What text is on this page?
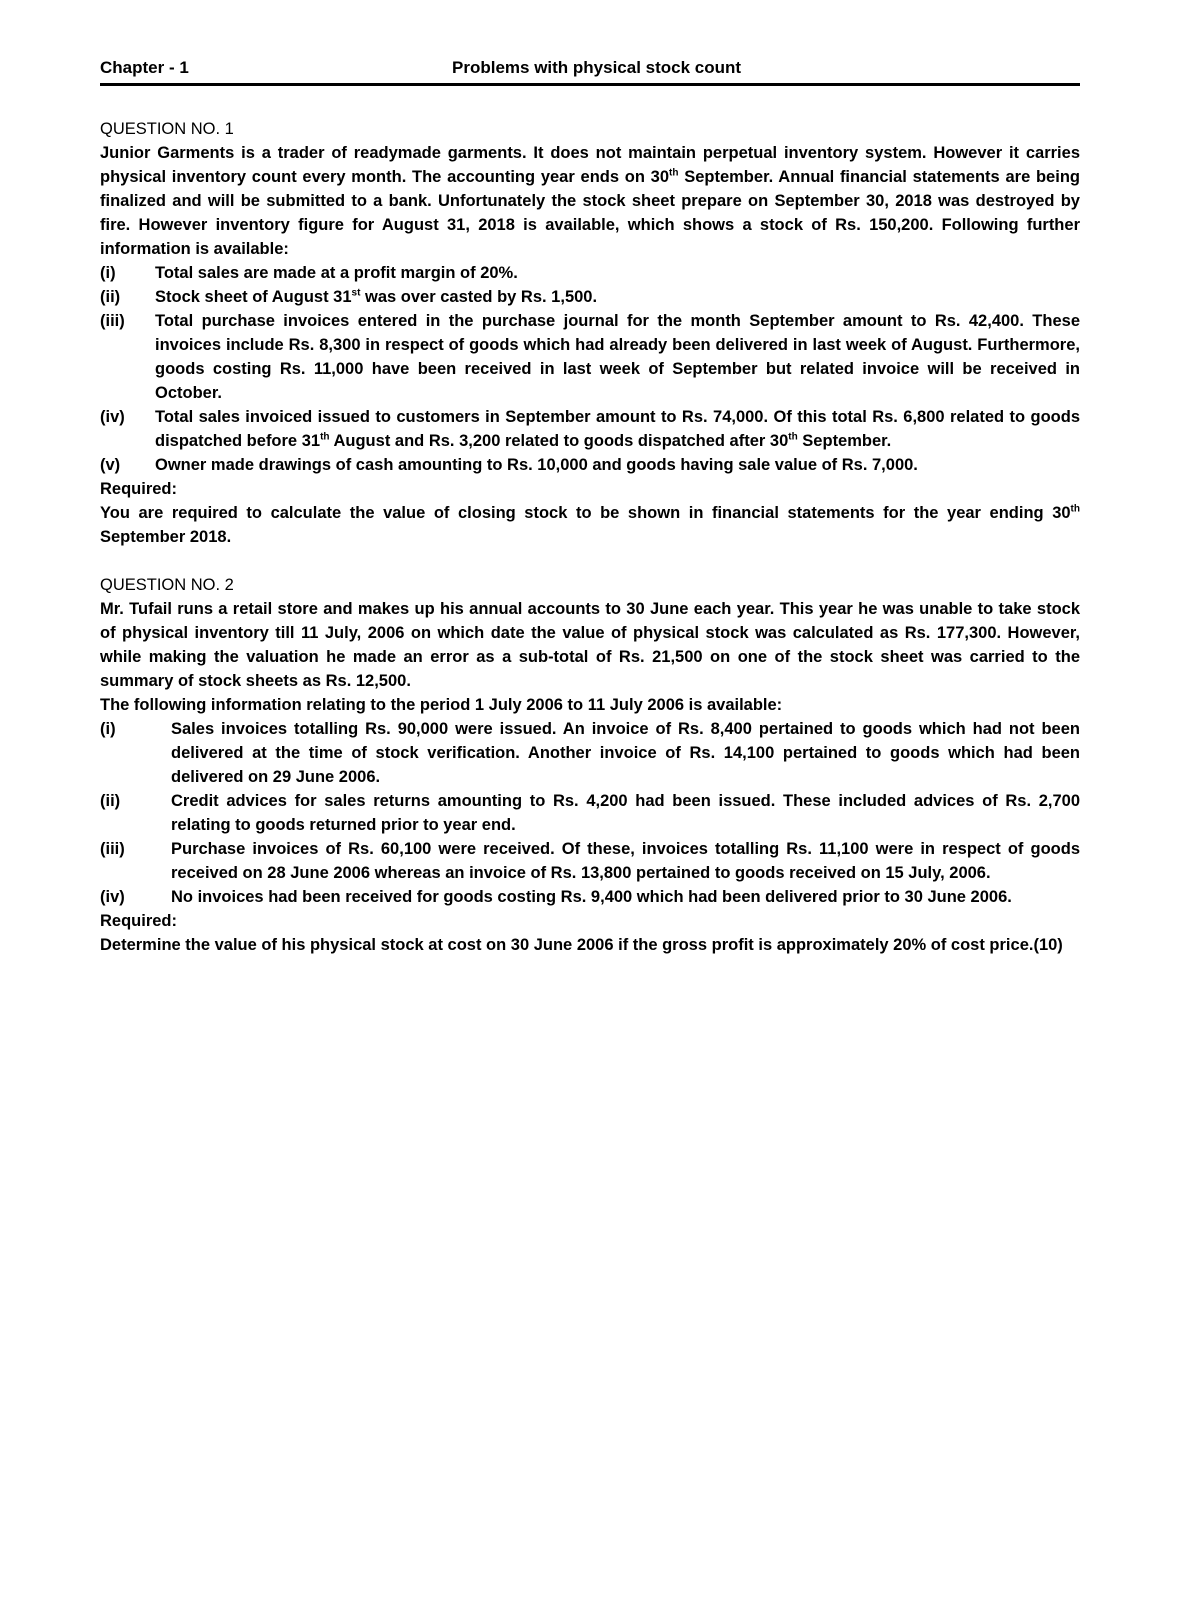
Chapter - 1	Problems with physical stock count
QUESTION NO. 1

Junior Garments is a trader of readymade garments. It does not maintain perpetual inventory system. However it carries physical inventory count every month. The accounting year ends on 30th September. Annual financial statements are being finalized and will be submitted to a bank. Unfortunately the stock sheet prepare on September 30, 2018 was destroyed by fire. However inventory figure for August 31, 2018 is available, which shows a stock of Rs. 150,200. Following further information is available:

(i)	Total sales are made at a profit margin of 20%.
(ii)	Stock sheet of August 31st was over casted by Rs. 1,500.
(iii)	Total purchase invoices entered in the purchase journal for the month September amount to Rs. 42,400. These invoices include Rs. 8,300 in respect of goods which had already been delivered in last week of August. Furthermore, goods costing Rs. 11,000 have been received in last week of September but related invoice will be received in October.
(iv)	Total sales invoiced issued to customers in September amount to Rs. 74,000. Of this total Rs. 6,800 related to goods dispatched before 31th August and Rs. 3,200 related to goods dispatched after 30th September.
(v)	Owner made drawings of cash amounting to Rs. 10,000 and goods having sale value of Rs. 7,000.
Required:

You are required to calculate the value of closing stock to be shown in financial statements for the year ending 30th September 2018.

QUESTION NO. 2

Mr. Tufail runs a retail store and makes up his annual accounts to 30 June each year. This year he was unable to take stock of physical inventory till 11 July, 2006 on which date the value of physical stock was calculated as Rs. 177,300. However, while making the valuation he made an error as a sub-total of Rs. 21,500 on one of the stock sheet was carried to the summary of stock sheets as Rs. 12,500.

The following information relating to the period 1 July 2006 to 11 July 2006 is available:

(i)	Sales invoices totalling Rs. 90,000 were issued. An invoice of Rs. 8,400 pertained to goods which had not been delivered at the time of stock verification. Another invoice of Rs. 14,100 pertained to goods which had been delivered on 29 June 2006.
(ii)	Credit advices for sales returns amounting to Rs. 4,200 had been issued. These included advices of Rs. 2,700 relating to goods returned prior to year end.
(iii)	Purchase invoices of Rs. 60,100 were received. Of these, invoices totalling Rs. 11,100 were in respect of goods received on 28 June 2006 whereas an invoice of Rs. 13,800 pertained to goods received on 15 July, 2006.
(iv)	No invoices had been received for goods costing Rs. 9,400 which had been delivered prior to 30 June 2006.
Required:

Determine the value of his physical stock at cost on 30 June 2006 if the gross profit is approximately 20% of cost price.(10)
